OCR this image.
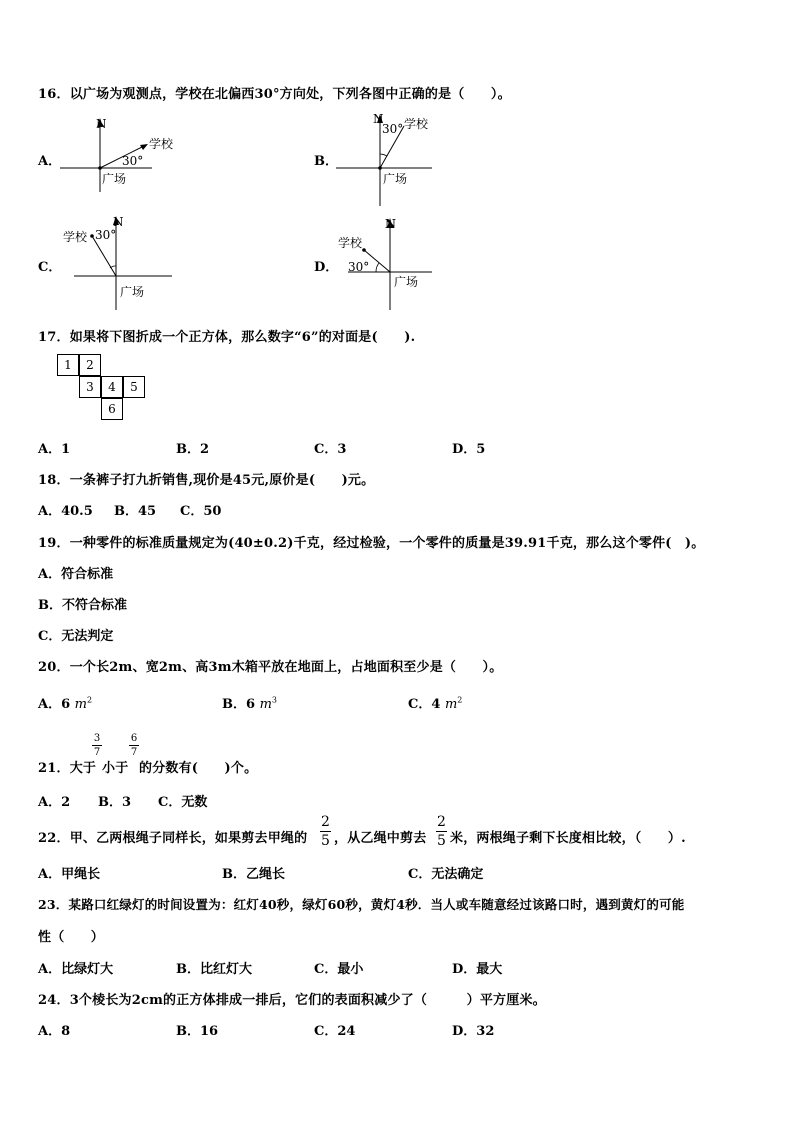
16．以广场为观测点，学校在北偏西30°方向处，下列各图中正确的是（　　）。
A．
N
学校
30°
广场
B．
N
30° 学校
广场
C．
N
学校 30°
广场
D．
N
学校
30°
广场
17．如果将下图折成一个正方体，那么数字“6”的对面是(　　).
1	2
3	4	5
6
A．1	B．2	C．3	D．5
18．一条裤子打九折销售,现价是45元,原价是(　　)元。
A．40.5 B．45 C．50
19．一种零件的标准质量规定为(40±0.2)千克，经过检验，一个零件的质量是39.91千克，那么这个零件(　)。
A．符合标准
B．不符合标准
C．无法判定
20．一个长2m、宽2m、高3m木箱平放在地面上，占地面积至少是（　　）。
A．6 $m^2$	B．6 $m^3$	C．4 $m^2$
$\frac{3}{7}$	$\frac{6}{7}$
21．大于 小于 的分数有(　　)个。
A．2 B．3 C．无数
22．甲、乙两根绳子同样长，如果剪去甲绳的 $\frac{2}{5}$ ，从乙绳中剪去 $\frac{2}{5}$ 米，两根绳子剩下长度相比较，（　　）.
A．甲绳长	B．乙绳长	C．无法确定
23．某路口红绿灯的时间设置为：红灯40秒，绿灯60秒，黄灯4秒．当人或车随意经过该路口时，遇到黄灯的可能
性（　　）
A．比绿灯大	B．比红灯大	C．最小	D．最大
24．3个棱长为2cm的正方体排成一排后，它们的表面积减少了（　　　）平方厘米。
A．8	B．16	C．24	D．32
